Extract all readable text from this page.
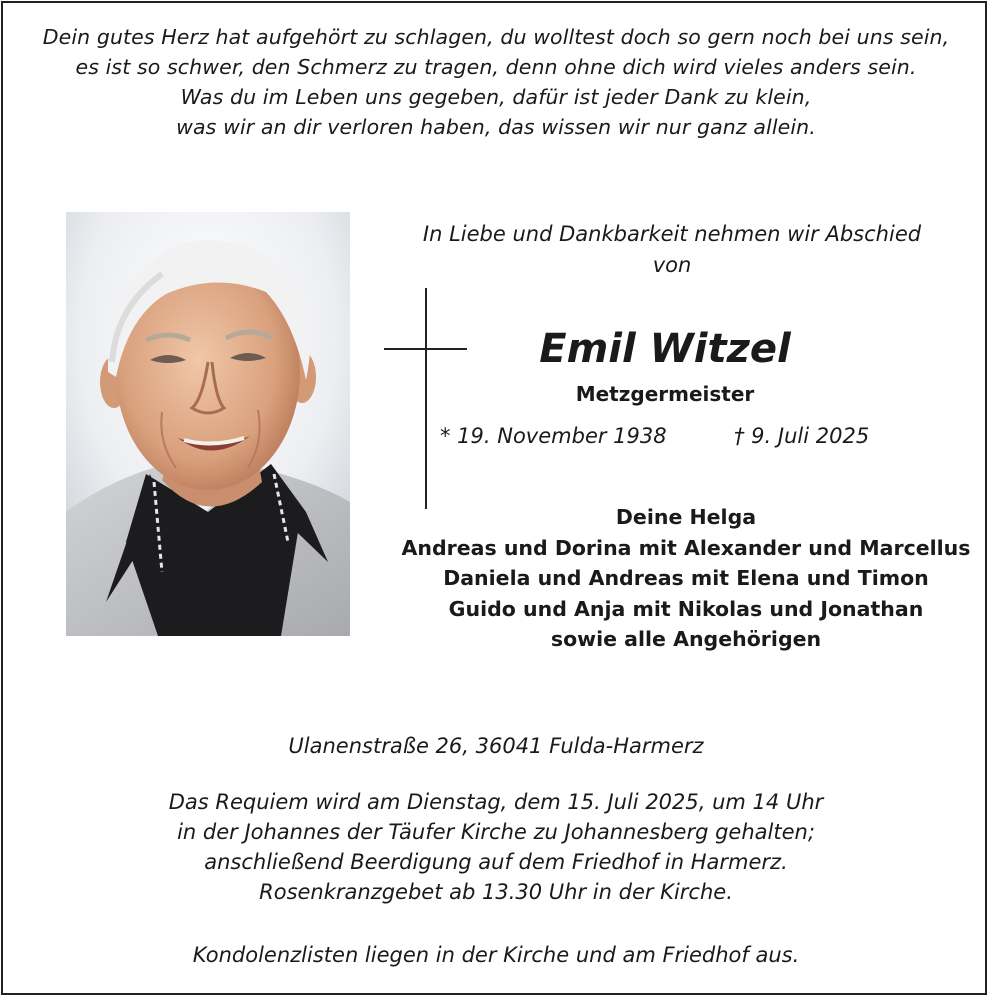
Dein gutes Herz hat aufgehört zu schlagen, du wolltest doch so gern noch bei uns sein,
es ist so schwer, den Schmerz zu tragen, denn ohne dich wird vieles anders sein.
Was du im Leben uns gegeben, dafür ist jeder Dank zu klein,
was wir an dir verloren haben, das wissen wir nur ganz allein.
In Liebe und Dankbarkeit nehmen wir Abschied
von
Emil Witzel
Metzgermeister
* 19. November 1938	† 9. Juli 2025
Deine Helga
Andreas und Dorina mit Alexander und Marcellus
Daniela und Andreas mit Elena und Timon
Guido und Anja mit Nikolas und Jonathan
sowie alle Angehörigen
Ulanenstraße 26, 36041 Fulda-Harmerz
Das Requiem wird am Dienstag, dem 15. Juli 2025, um 14 Uhr
in der Johannes der Täufer Kirche zu Johannesberg gehalten;
anschließend Beerdigung auf dem Friedhof in Harmerz.
Rosenkranzgebet ab 13.30 Uhr in der Kirche.
Kondolenzlisten liegen in der Kirche und am Friedhof aus.
